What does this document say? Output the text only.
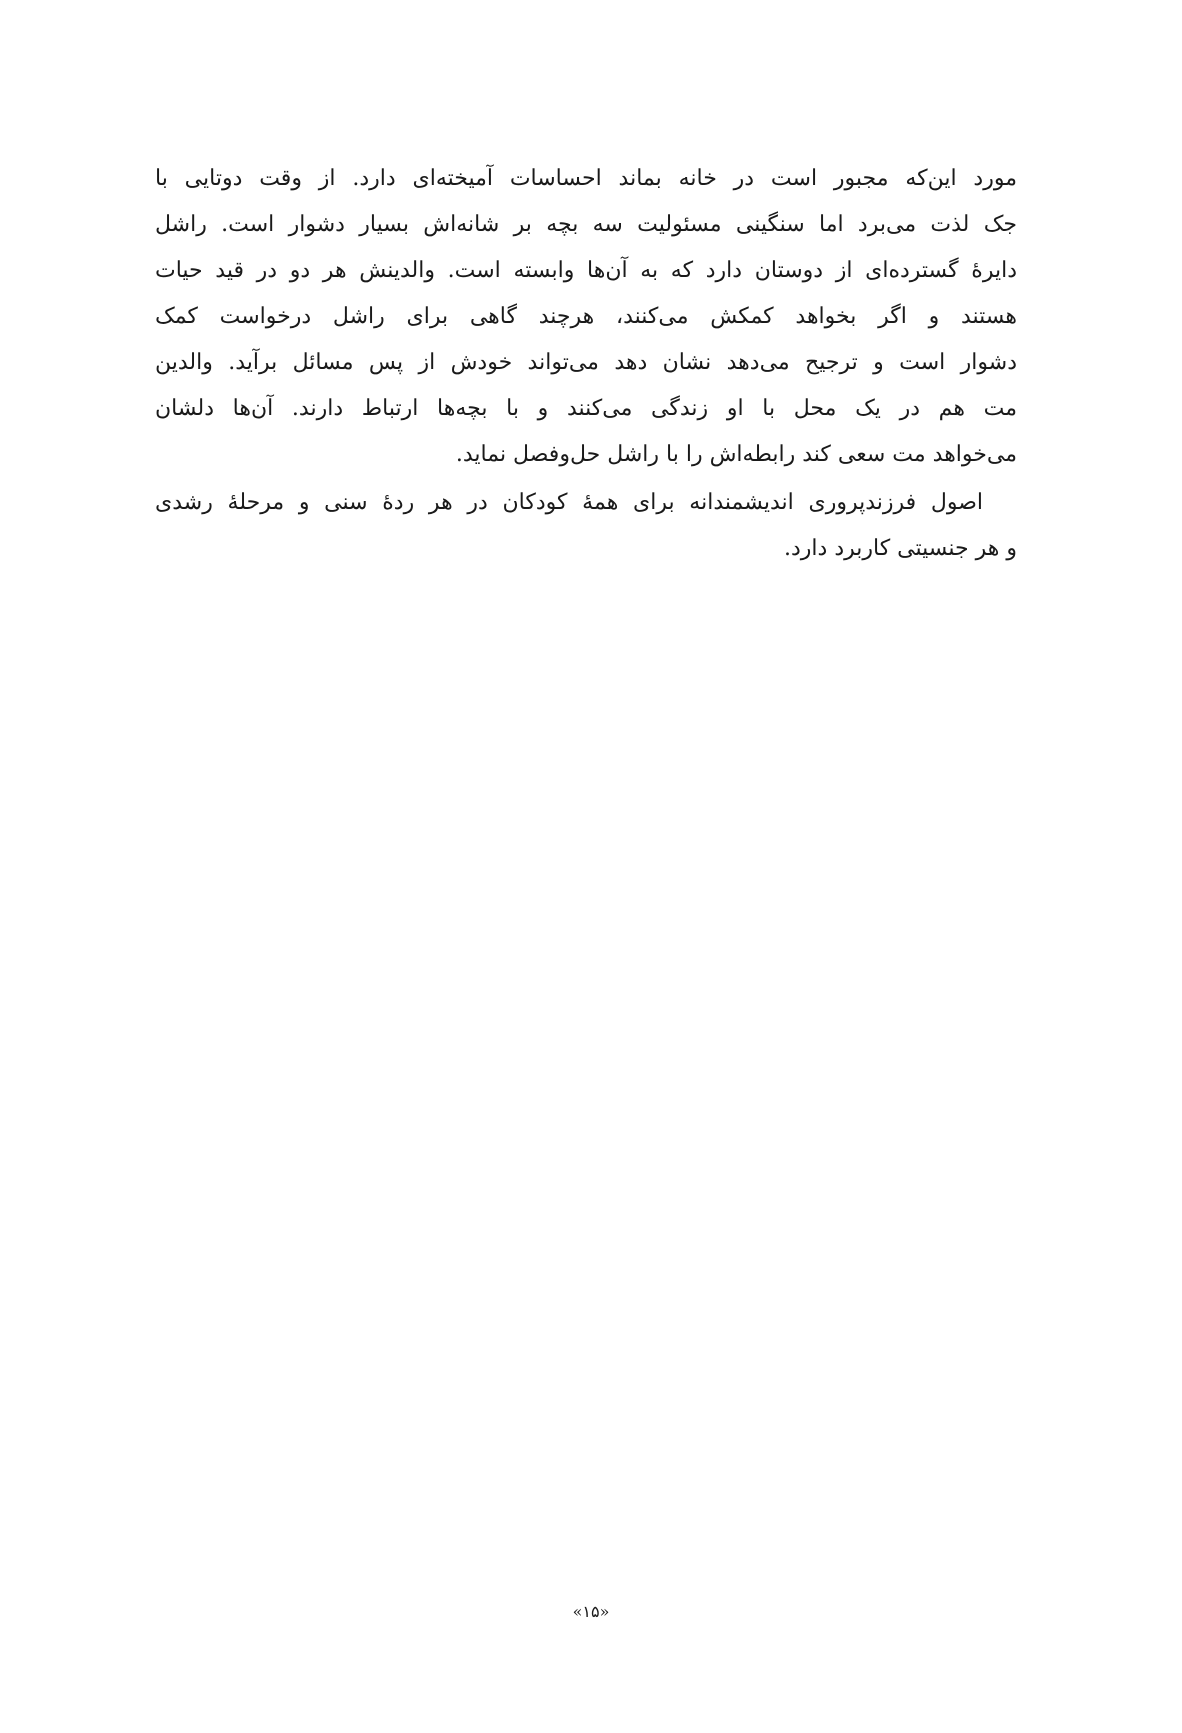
مورد این‌که مجبور است در خانه بماند احساسات آمیخته‌ای دارد. از وقت دوتایی با
جک لذت می‌برد اما سنگینی مسئولیت سه بچه بر شانه‌اش بسیار دشوار است. راشل
دایرهٔ گسترده‌ای از دوستان دارد که به آن‌ها وابسته است. والدینش هر دو در قید حیات
هستند و اگر بخواهد کمکش می‌کنند، هرچند گاهی برای راشل درخواست کمک
دشوار است و ترجیح می‌دهد نشان دهد می‌تواند خودش از پس مسائل برآید. والدین
مت هم در یک محل با او زندگی می‌کنند و با بچه‌ها ارتباط دارند. آن‌ها دلشان
می‌خواهد مت سعی کند رابطه‌اش را با راشل حل‌وفصل نماید.
اصول فرزندپروری اندیشمندانه برای همهٔ کودکان در هر ردهٔ سنی و مرحلهٔ رشدی
و هر جنسیتی کاربرد دارد.
«۱۵»
